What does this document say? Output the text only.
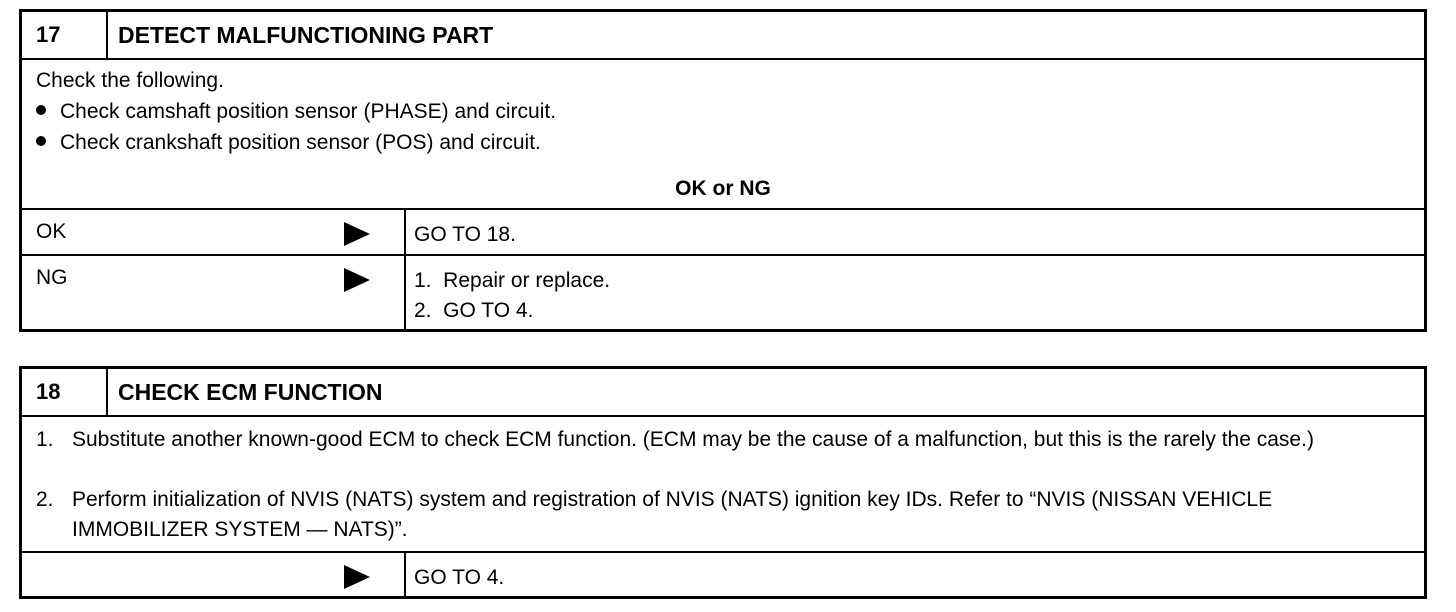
17	DETECT MALFUNCTIONING PART
Check the following.
Check camshaft position sensor (PHASE) and circuit.
Check crankshaft position sensor (POS) and circuit.
OK or NG
OK	GO TO 18.
NG	1.  Repair or replace.
2.  GO TO 4.
18	CHECK ECM FUNCTION
1. Substitute another known-good ECM to check ECM function. (ECM may be the cause of a malfunction, but this is the rarely the case.)
2. Perform initialization of NVIS (NATS) system and registration of NVIS (NATS) ignition key IDs. Refer to “NVIS (NISSAN VEHICLE IMMOBILIZER SYSTEM — NATS)”.
GO TO 4.
